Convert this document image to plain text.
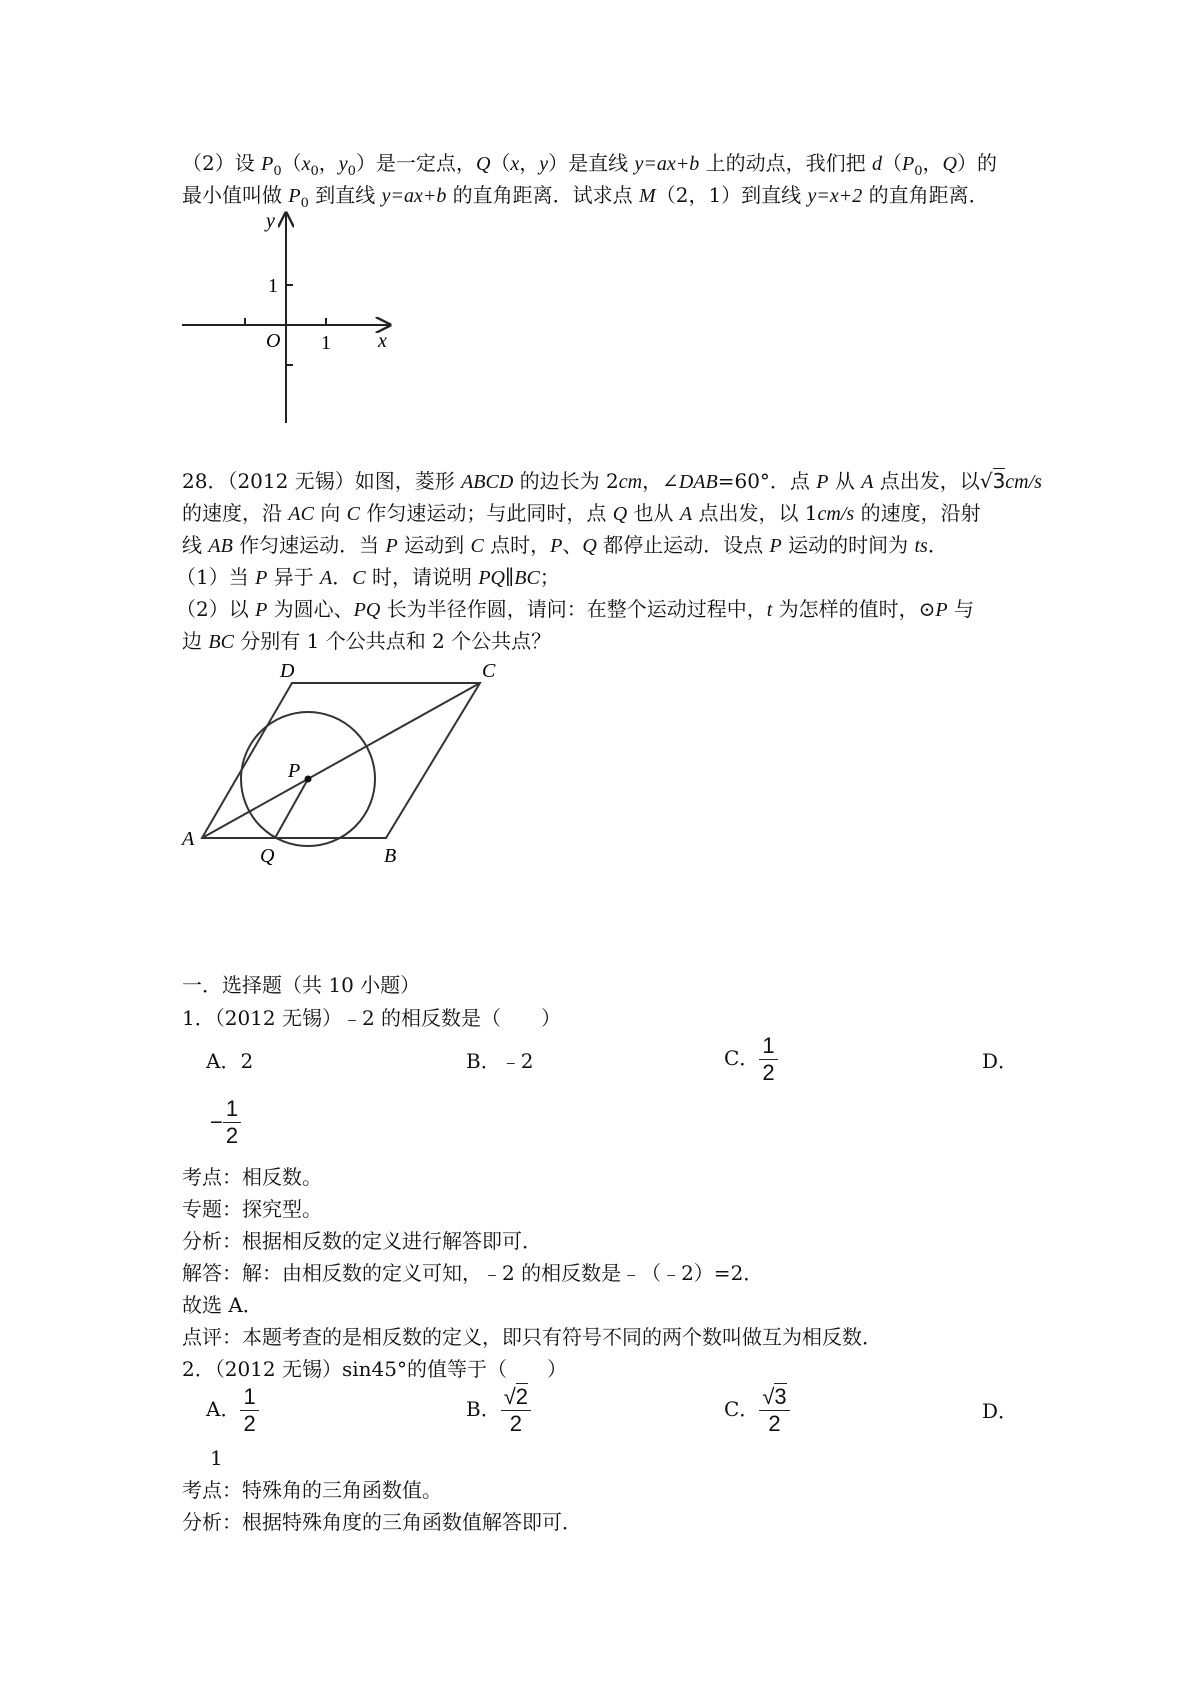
（2）设 $P_0(x_0$，$y_0$）是一定点，Q（x，y）是直线 y=ax+b 上的动点，我们把 $d(P_0$，Q）的
最小值叫做 $P_0$ 到直线 y=ax+b 的直角距离．试求点 M（2，1）到直线 y=x+2 的直角距离．
y
x
O 1
1
28．（2012 无锡）如图，菱形 ABCD 的边长为 2cm，∠DAB=60°．点 P 从 A 点出发，以√3cm/s
的速度，沿 AC 向 C 作匀速运动；与此同时，点 Q 也从 A 点出发，以 1cm/s 的速度，沿射
线 AB 作匀速运动．当 P 运动到 C 点时，P、Q 都停止运动．设点 P 运动的时间为 ts．
（1）当 P 异于 A．C 时，请说明 PQ∥BC；
（2）以 P 为圆心、PQ 长为半径作圆，请问：在整个运动过程中，t 为怎样的值时，⊙P 与
边 BC 分别有 1 个公共点和 2 个公共点？
A
B
C
D
P
Q
一．选择题（共 10 小题）
1．（2012 无锡）﹣2 的相反数是（　　）
A．2	B．﹣2	C． $\frac{1}{2}$	D．
− $\frac{1}{2}$
考点：相反数。
专题：探究型。
分析：根据相反数的定义进行解答即可．
解答：解：由相反数的定义可知，﹣2 的相反数是﹣（﹣2）=2．
故选 A．
点评：本题考查的是相反数的定义，即只有符号不同的两个数叫做互为相反数．
2．（2012 无锡）sin45°的值等于（　　）
A． $\frac{1}{2}$	B． $\frac{√2}{2}$	C． $\frac{√3}{2}$	D．
1
考点：特殊角的三角函数值。
分析：根据特殊角度的三角函数值解答即可．
